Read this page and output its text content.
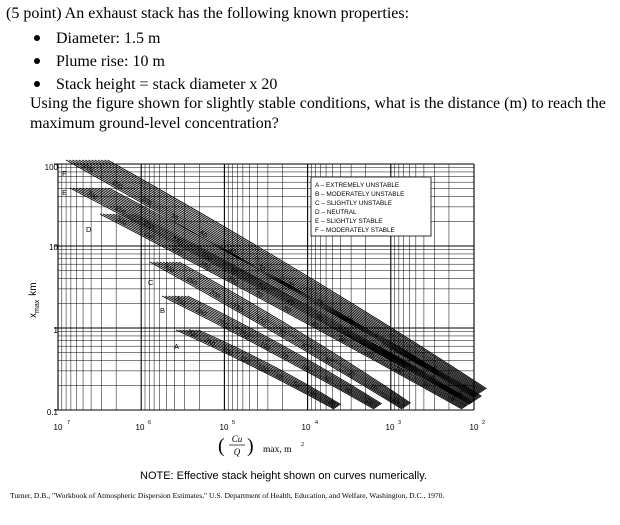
(5 point) An exhaust stack has the following known properties:
Diameter: 1.5 m
Plume rise: 10 m
Stack height = stack diameter x 20
Using the figure shown for slightly stable conditions, what is the distance (m) to reach the maximum ground-level concentration?
200
150
100
70
50
40
30
20
15
10
8
7
5
4
F
300
250
200
150
100
70
50
40
30
20
15
10
8
6
E
300
250
200
150
100
70
50
40
30
20
15
10
8
D
300
250
200
150
100
70
50
40
30
20
15
C
300
250
200
150
100
70
50
40
30
20
B
300
250
200
150
100
70
50
40
30
A
A – EXTREMELY UNSTABLE
B – MODERATELY UNSTABLE
C – SLIGHTLY UNSTABLE
D – NEUTRAL
E – SLIGHTLY STABLE
F – MODERATELY STABLE
100
10
1
0.1
$x_{max}km$
10 7	10 6	10 5	10 4	10 3	10 2
( Cu
Q ) max, m 2
NOTE: Effective stack height shown on curves numerically.
Turner, D.B., "Workbook of Atmospheric Dispersion Estimates," U.S. Department of Health, Education, and Welfare, Washington, D.C., 1970.
